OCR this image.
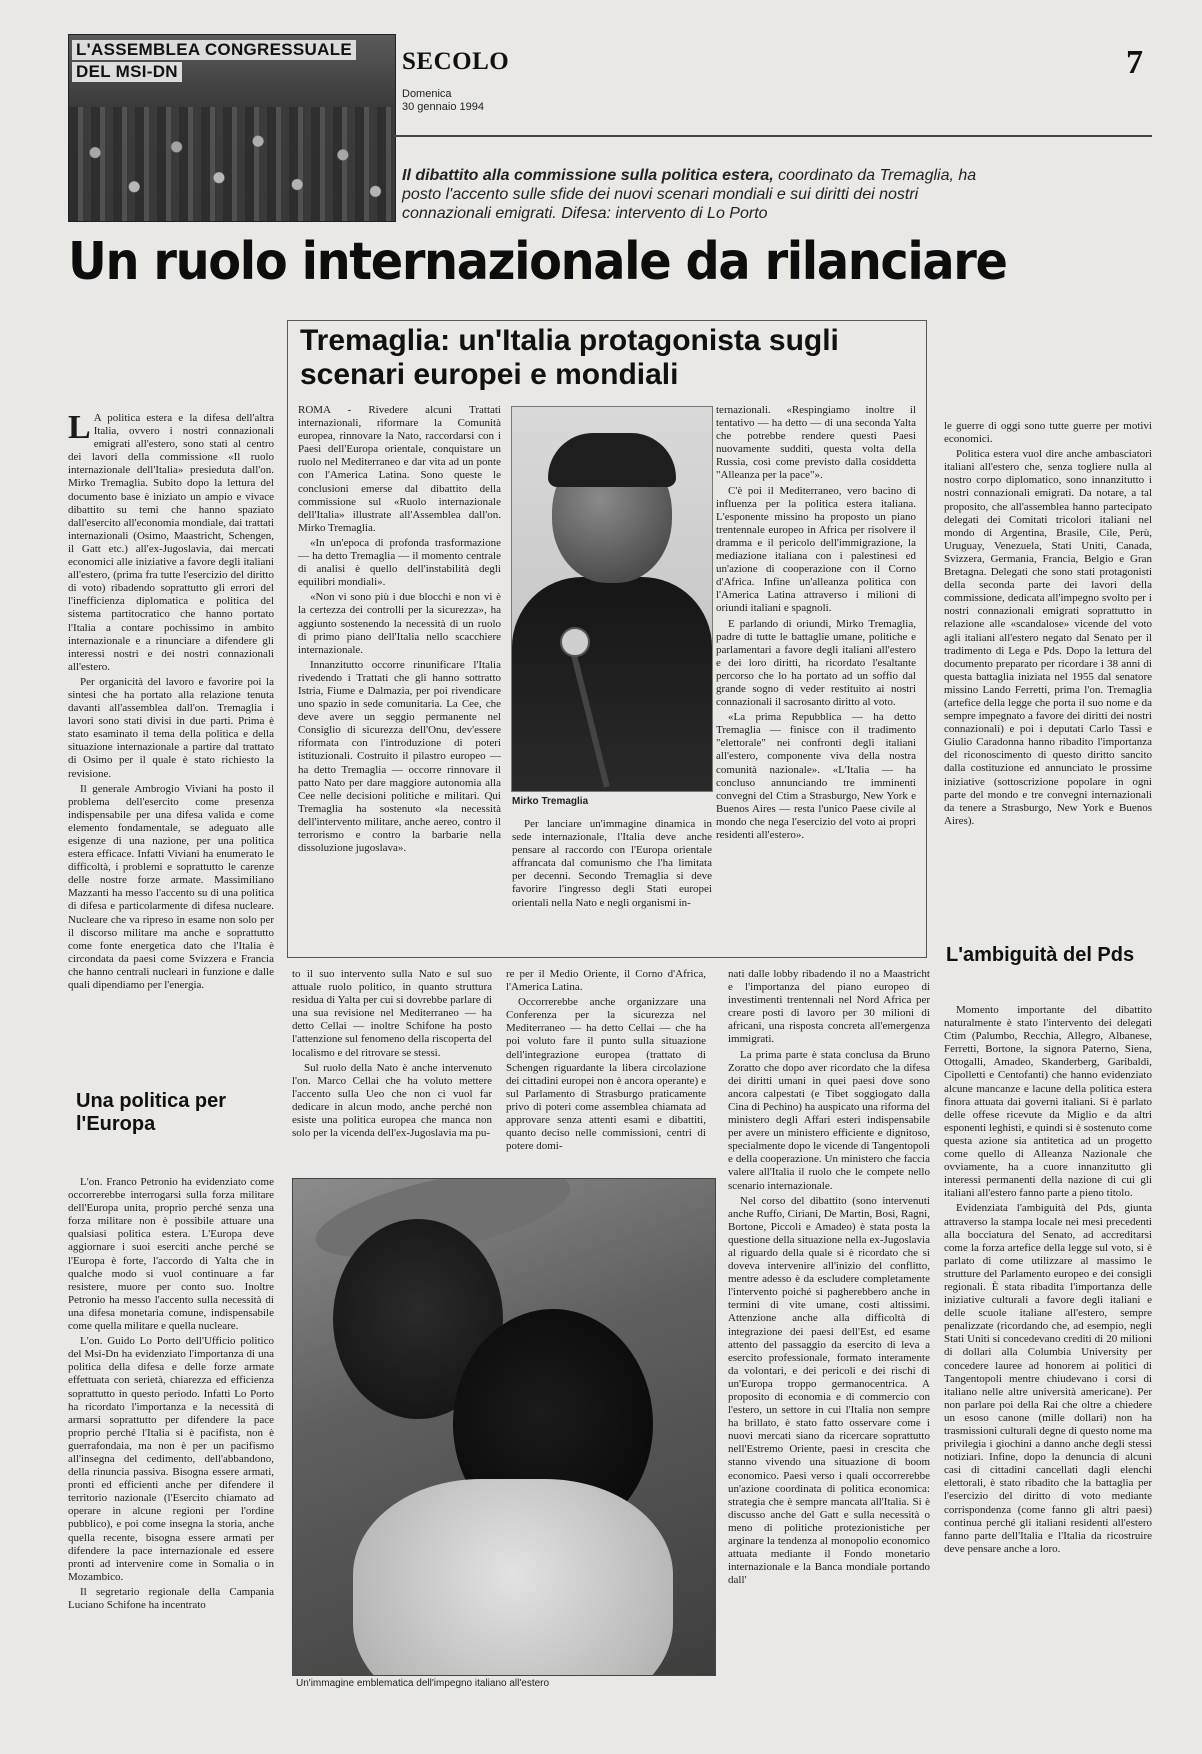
L'ASSEMBLEA CONGRESSUALE
DEL MSI-DN	SECOLO
Domenica
30 gennaio 1994
7
Il dibattito alla commissione sulla politica estera, coordinato da Tremaglia, ha posto l'accento sulle sfide dei nuovi scenari mondiali e sui diritti dei nostri connazionali emigrati. Difesa: intervento di Lo Porto
Un ruolo internazionale da rilanciare
Tremaglia: un'Italia protagonista sugli scenari europei e mondiali

L A politica estera e la difesa dell'altra Italia, ovvero i nostri connazionali emigrati all'estero, sono stati al centro dei lavori della commissione «Il ruolo internazionale dell'Italia» presieduta dall'on. Mirko Tremaglia. Subito dopo la lettura del documento base è iniziato un ampio e vivace dibattito su temi che hanno spaziato dall'esercito all'economia mondiale, dai trattati internazionali (Osimo, Maastricht, Schengen, il Gatt etc.) all'ex-Jugoslavia, dai mercati economici alle iniziative a favore degli italiani all'estero, (prima fra tutte l'esercizio del diritto di voto) ribadendo soprattutto gli errori del l'inefficienza diplomatica e politica del sistema partitocratico che hanno portato l'Italia a contare pochissimo in ambito internazionale e a rinunciare a difendere gli interessi nostri e dei nostri connazionali all'estero.

Per organicità del lavoro e favorire poi la sintesi che ha portato alla relazione tenuta davanti all'assemblea dall'on. Tremaglia i lavori sono stati divisi in due parti. Prima è stato esaminato il tema della politica e della situazione internazionale a partire dal trattato di Osimo per il quale è stato richiesto la revisione.

Il generale Ambrogio Viviani ha posto il problema dell'esercito come presenza indispensabile per una difesa valida e come elemento fondamentale, se adeguato alle esigenze di una nazione, per una politica estera efficace. Infatti Viviani ha enumerato le difficoltà, i problemi e soprattutto le carenze delle nostre forze armate. Massimiliano Mazzanti ha messo l'accento su di una politica di difesa e particolarmente di difesa nucleare. Nucleare che va ripreso in esame non solo per il discorso militare ma anche e soprattutto come fonte energetica dato che l'Italia è circondata da paesi come Svizzera e Francia che hanno centrali nucleari in funzione e dalle quali dipendiamo per l'energia.

Una politica per l'Europa

L'on. Franco Petronio ha evidenziato come occorrerebbe interrogarsi sulla forza militare dell'Europa unita, proprio perché senza una forza militare non è possibile attuare una qualsiasi politica estera. L'Europa deve aggiornare i suoi eserciti anche perché se l'Europa è forte, l'accordo di Yalta che in qualche modo si vuol continuare a far resistere, muore per conto suo. Inoltre Petronio ha messo l'accento sulla necessità di una difesa monetaria comune, indispensabile come quella militare e quella nucleare.

L'on. Guido Lo Porto dell'Ufficio politico del Msi-Dn ha evidenziato l'importanza di una politica della difesa e delle forze armate effettuata con serietà, chiarezza ed efficienza soprattutto in questo periodo. Infatti Lo Porto ha ricordato l'importanza e la necessità di armarsi soprattutto per difendere la pace proprio perché l'Italia si è pacifista, non è guerrafondaia, ma non è per un pacifismo all'insegna del cedimento, dell'abbandono, della rinuncia passiva. Bisogna essere armati, pronti ed efficienti anche per difendere il territorio nazionale (l'Esercito chiamato ad operare in alcune regioni per l'ordine pubblico), e poi come insegna la storia, anche quella recente, bisogna essere armati per difendere la pace internazionale ed essere pronti ad intervenire come in Somalia o in Mozambico.

Il segretario regionale della Campania Luciano Schifone ha incentrato

ROMA - Rivedere alcuni Trattati internazionali, riformare la Comunità europea, rinnovare la Nato, raccordarsi con i Paesi dell'Europa orientale, conquistare un ruolo nel Mediterraneo e dar vita ad un ponte con l'America Latina. Sono queste le conclusioni emerse dal dibattito della commissione sul «Ruolo internazionale dell'Italia» illustrate all'Assemblea dall'on. Mirko Tremaglia.

«In un'epoca di profonda trasformazione — ha detto Tremaglia — il momento centrale di analisi è quello dell'instabilità degli equilibri mondiali».

«Non vi sono più i due blocchi e non vi è la certezza dei controlli per la sicurezza», ha aggiunto sostenendo la necessità di un ruolo di primo piano dell'Italia nello scacchiere internazionale.

Innanzitutto occorre rinunificare l'Italia rivedendo i Trattati che gli hanno sottratto Istria, Fiume e Dalmazia, per poi rivendicare uno spazio in sede comunitaria. La Cee, che deve avere un seggio permanente nel Consiglio di sicurezza dell'Onu, dev'essere riformata con l'introduzione di poteri istituzionali. Costruito il pilastro europeo — ha detto Tremaglia — occorre rinnovare il patto Nato per dare maggiore autonomia alla Cee nelle decisioni politiche e militari. Qui Tremaglia ha sostenuto «la necessità dell'intervento militare, anche aereo, contro il terrorismo e contro la barbarie nella dissoluzione jugoslava».

Mirko Tremaglia

Per lanciare un'immagine dinamica in sede internazionale, l'Italia deve anche pensare al raccordo con l'Europa orientale affrancata dal comunismo che l'ha limitata per decenni. Secondo Tremaglia si deve favorire l'ingresso degli Stati europei orientali nella Nato e negli organismi in-

ternazionali. «Respingiamo inoltre il tentativo — ha detto — di una seconda Yalta che potrebbe rendere questi Paesi nuovamente sudditi, questa volta della Russia, così come previsto dalla cosiddetta "Alleanza per la pace"».

C'è poi il Mediterraneo, vero bacino di influenza per la politica estera italiana. L'esponente missino ha proposto un piano trentennale europeo in Africa per risolvere il dramma e il pericolo dell'immigrazione, la mediazione italiana con i palestinesi ed un'azione di cooperazione con il Corno d'Africa. Infine un'alleanza politica con l'America Latina attraverso i milioni di oriundi italiani e spagnoli.

E parlando di oriundi, Mirko Tremaglia, padre di tutte le battaglie umane, politiche e parlamentari a favore degli italiani all'estero e dei loro diritti, ha ricordato l'esaltante percorso che lo ha portato ad un soffio dal grande sogno di veder restituito ai nostri connazionali il sacrosanto diritto al voto.

«La prima Repubblica — ha detto Tremaglia — finisce con il tradimento "elettorale" nei confronti degli italiani all'estero, componente viva della nostra comunità nazionale». «L'Italia — ha concluso annunciando tre imminenti convegni del Ctim a Strasburgo, New York e Buenos Aires — resta l'unico Paese civile al mondo che nega l'esercizio del voto ai propri residenti all'estero».

le guerre di oggi sono tutte guerre per motivi economici.

Politica estera vuol dire anche ambasciatori italiani all'estero che, senza togliere nulla al nostro corpo diplomatico, sono innanzitutto i nostri connazionali emigrati. Da notare, a tal proposito, che all'assemblea hanno partecipato delegati dei Comitati tricolori italiani nel mondo di Argentina, Brasile, Cile, Perù, Uruguay, Venezuela, Stati Uniti, Canada, Svizzera, Germania, Francia, Belgio e Gran Bretagna. Delegati che sono stati protagonisti della seconda parte dei lavori della commissione, dedicata all'impegno svolto per i nostri connazionali emigrati soprattutto in relazione alle «scandalose» vicende del voto agli italiani all'estero negato dal Senato per il tradimento di Lega e Pds. Dopo la lettura del documento preparato per ricordare i 38 anni di questa battaglia iniziata nel 1955 dal senatore missino Lando Ferretti, prima l'on. Tremaglia (artefice della legge che porta il suo nome e da sempre impegnato a favore dei diritti dei nostri connazionali) e poi i deputati Carlo Tassi e Giulio Caradonna hanno ribadito l'importanza del riconoscimento di questo diritto sancito dalla costituzione ed annunciato le prossime iniziative (sottoscrizione popolare in ogni parte del mondo e tre convegni internazionali da tenere a Strasburgo, New York e Buenos Aires).

L'ambiguità del Pds

Momento importante del dibattito naturalmente è stato l'intervento dei delegati Ctim (Palumbo, Recchia, Allegro, Albanese, Ferretti, Bortone, la signora Paterno, Siena, Ottogalli, Amadeo, Skanderberg, Garibaldi, Cipolletti e Centofanti) che hanno evidenziato alcune mancanze e lacune della politica estera finora attuata dai governi italiani. Si è parlato delle offese ricevute da Miglio e da altri esponenti leghisti, e quindi si è sostenuto come questa azione sia antitetica ad un progetto come quello di Alleanza Nazionale che ovviamente, ha a cuore innanzitutto gli interessi permanenti della nazione di cui gli italiani all'estero fanno parte a pieno titolo.

Evidenziata l'ambiguità del Pds, giunta attraverso la stampa locale nei mesi precedenti alla bocciatura del Senato, ad accreditarsi come la forza artefice della legge sul voto, si è parlato di come utilizzare al massimo le strutture del Parlamento europeo e dei consigli regionali. È stata ribadita l'importanza delle iniziative culturali a favore degli italiani e delle scuole italiane all'estero, sempre penalizzate (ricordando che, ad esempio, negli Stati Uniti si concedevano crediti di 20 milioni di dollari alla Columbia University per concedere lauree ad honorem ai politici di Tangentopoli mentre chiudevano i corsi di italiano nelle altre università americane). Per non parlare poi della Rai che oltre a chiedere un esoso canone (mille dollari) non ha trasmissioni culturali degne di questo nome ma privilegia i giochini a danno anche degli stessi notiziari. Infine, dopo la denuncia di alcuni casi di cittadini cancellati dagli elenchi elettorali, è stato ribadito che la battaglia per l'esercizio del diritto di voto mediante corrispondenza (come fanno gli altri paesi) continua perché gli italiani residenti all'estero fanno parte dell'Italia e l'Italia da ricostruire deve pensare anche a loro.

to il suo intervento sulla Nato e sul suo attuale ruolo politico, in quanto struttura residua di Yalta per cui si dovrebbe parlare di una sua revisione nel Mediterraneo — ha detto Cellai — inoltre Schifone ha posto l'attenzione sul fenomeno della riscoperta del localismo e del ritrovare se stessi.

Sul ruolo della Nato è anche intervenuto l'on. Marco Cellai che ha voluto mettere l'accento sulla Ueo che non ci vuol far dedicare in alcun modo, anche perché non esiste una politica europea che manca non solo per la vicenda dell'ex-Jugoslavia ma pu-

re per il Medio Oriente, il Corno d'Africa, l'America Latina.

Occorrerebbe anche organizzare una Conferenza per la sicurezza nel Mediterraneo — ha detto Cellai — che ha poi voluto fare il punto sulla situazione dell'integrazione europea (trattato di Schengen riguardante la libera circolazione dei cittadini europei non è ancora operante) e sul Parlamento di Strasburgo praticamente privo di poteri come assemblea chiamata ad approvare senza attenti esami e dibattiti, quanto deciso nelle commissioni, centri di potere domi-

nati dalle lobby ribadendo il no a Maastricht e l'importanza del piano europeo di investimenti trentennali nel Nord Africa per creare posti di lavoro per 30 milioni di africani, una risposta concreta all'emergenza immigrati.

La prima parte è stata conclusa da Bruno Zoratto che dopo aver ricordato che la difesa dei diritti umani in quei paesi dove sono ancora calpestati (e Tibet soggiogato dalla Cina di Pechino) ha auspicato una riforma del ministero degli Affari esteri indispensabile per avere un ministero efficiente e dignitoso, specialmente dopo le vicende di Tangentopoli e della cooperazione. Un ministero che faccia valere all'Italia il ruolo che le compete nello scenario internazionale.

Nel corso del dibattito (sono intervenuti anche Ruffo, Ciriani, De Martin, Bosi, Ragni, Bortone, Piccoli e Amadeo) è stata posta la questione della situazione nella ex-Jugoslavia al riguardo della quale si è ricordato che si doveva intervenire all'inizio del conflitto, mentre adesso è da escludere completamente l'intervento poiché si pagherebbero anche in termini di vite umane, costi altissimi. Attenzione anche alla difficoltà di integrazione dei paesi dell'Est, ed esame attento del passaggio da esercito di leva a esercito professionale, formato interamente da volontari, e dei pericoli e dei rischi di un'Europa troppo germanocentrica. A proposito di economia e di commercio con l'estero, un settore in cui l'Italia non sempre ha brillato, è stato fatto osservare come i nuovi mercati siano da ricercare soprattutto nell'Estremo Oriente, paesi in crescita che stanno vivendo una situazione di boom economico. Paesi verso i quali occorrerebbe un'azione coordinata di politica economica: strategia che è sempre mancata all'Italia. Si è discusso anche del Gatt e sulla necessità o meno di politiche protezionistiche per arginare la tendenza al monopolio economico attuata mediante il Fondo monetario internazionale e la Banca mondiale portando dall'

Un'immagine emblematica dell'impegno italiano all'estero
